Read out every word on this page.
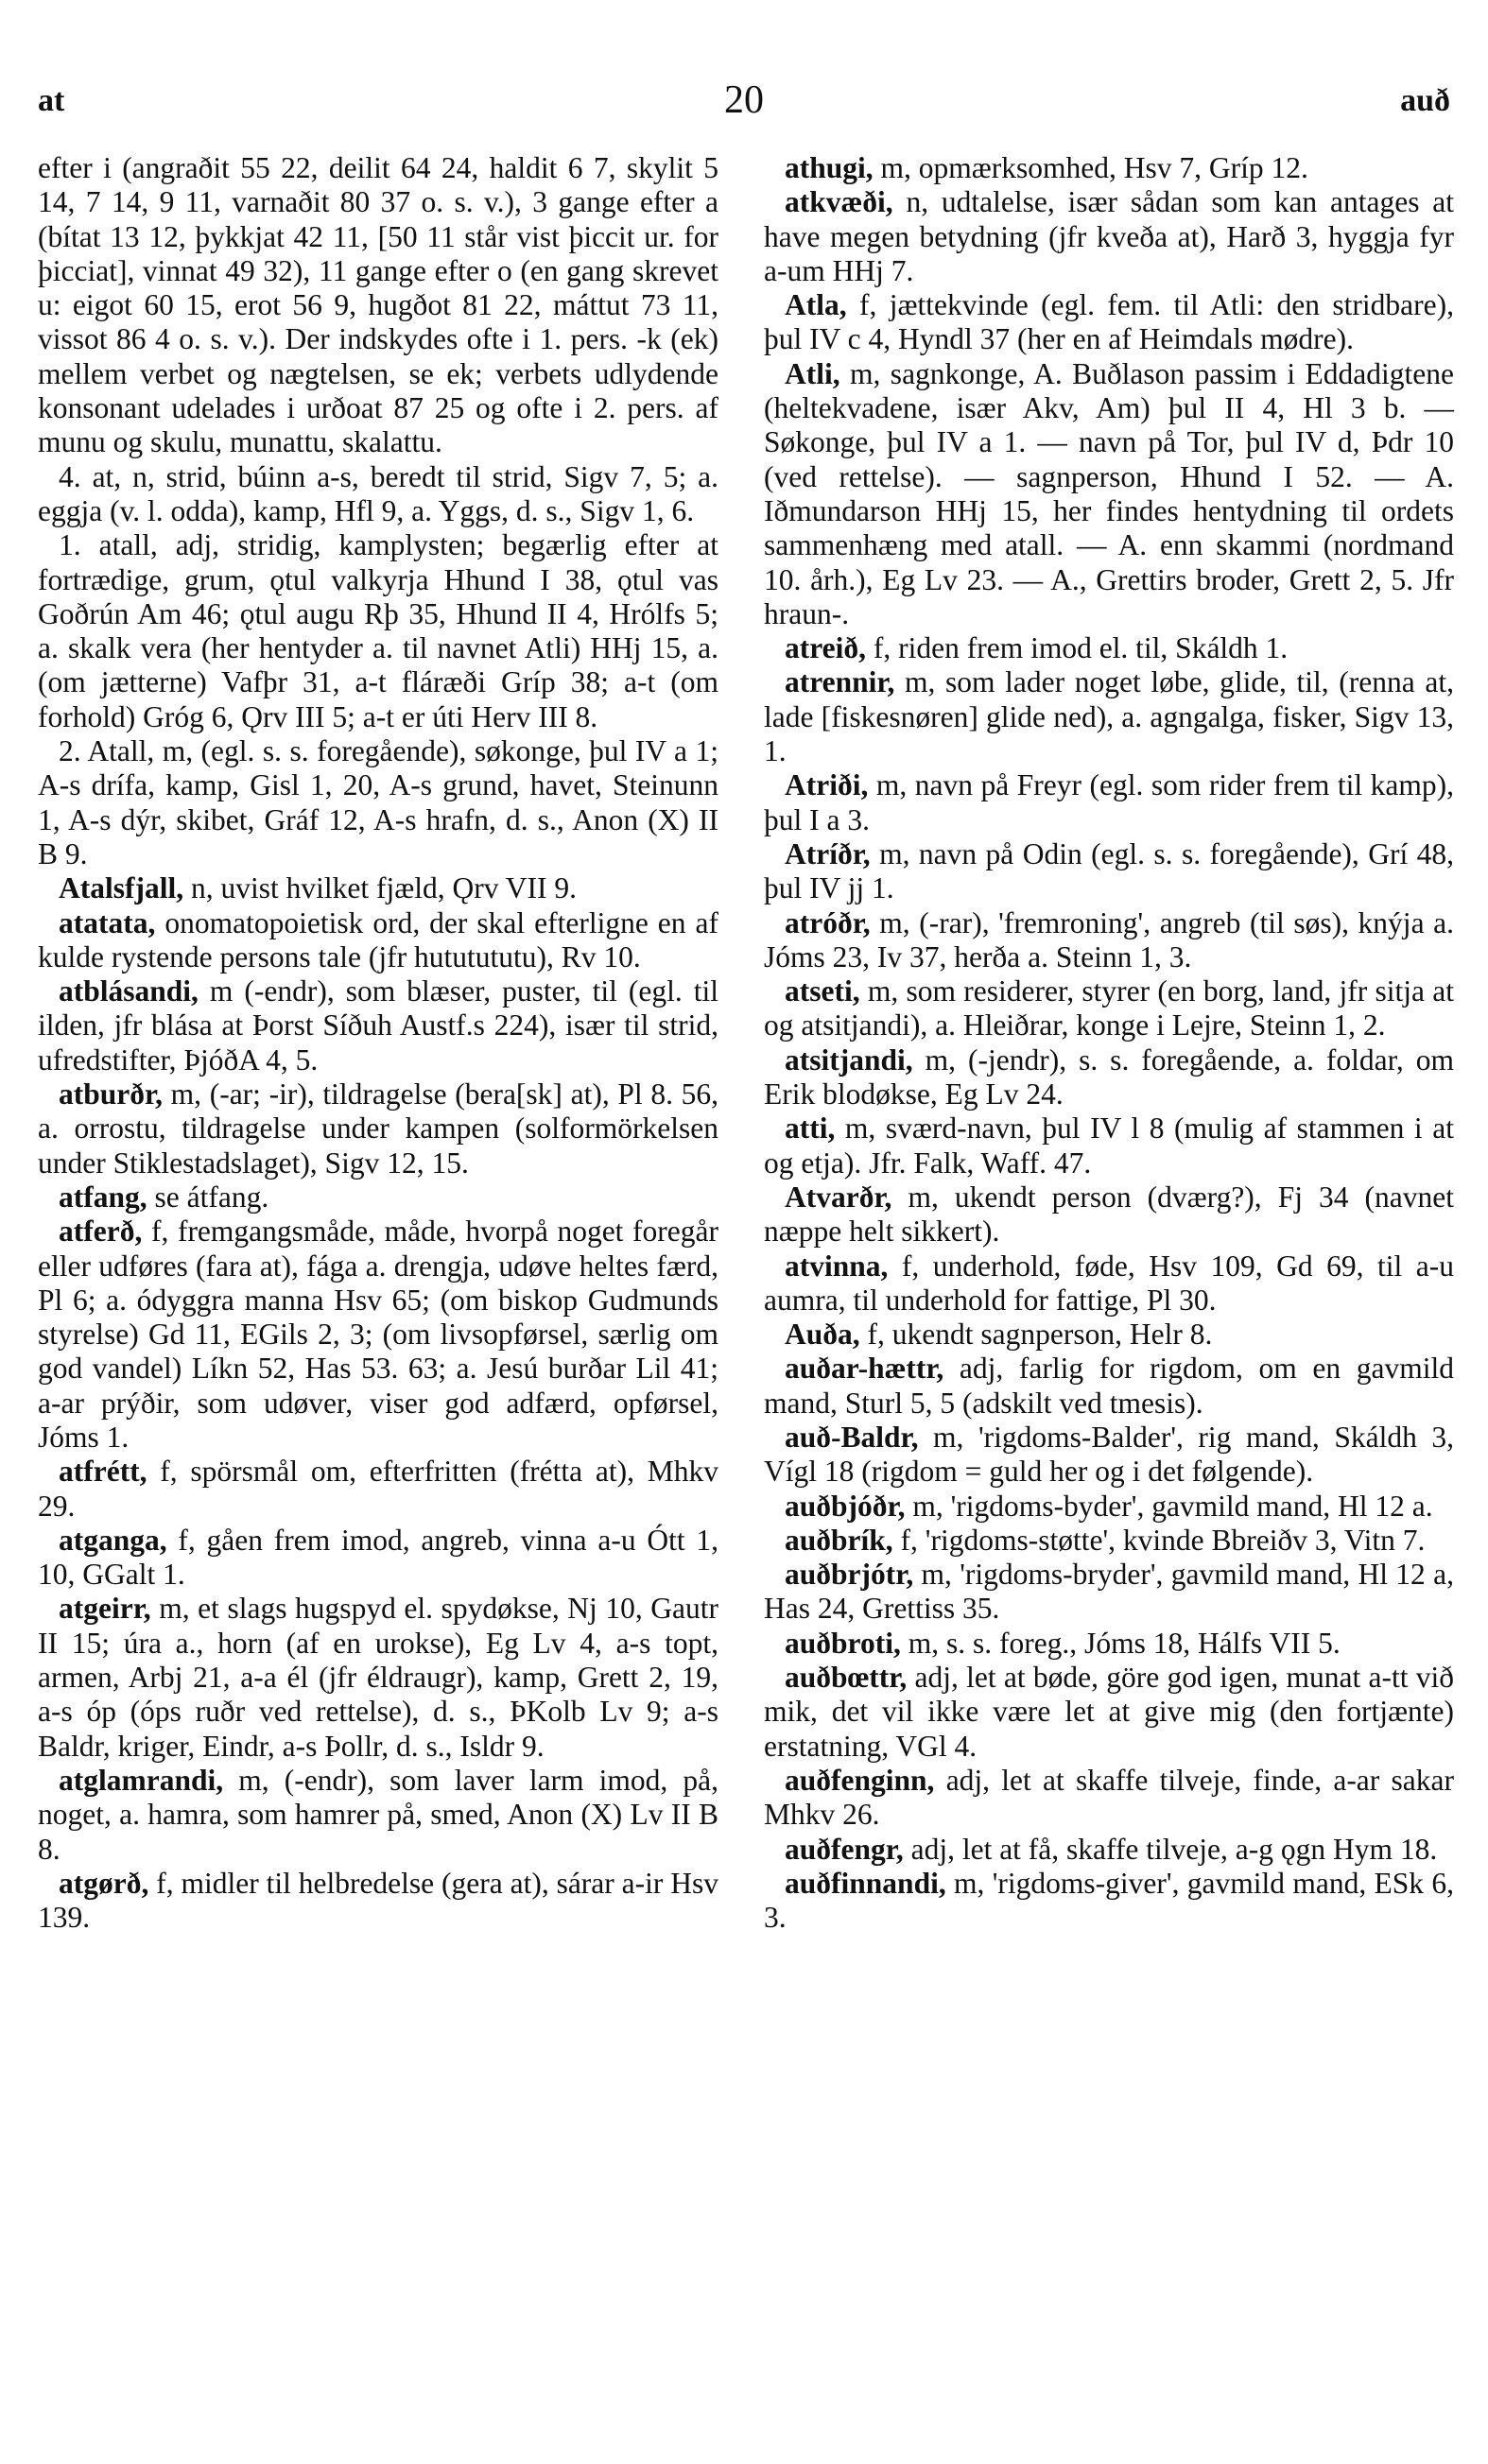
at	20	auð

efter i (angraðit 55 22, deilit 64 24, haldit 6 7, skylit 5 14, 7 14, 9 11, varnaðit 80 37 o. s. v.), 3 gange efter a (bítat 13 12, þykkjat 42 11, [50 11 står vist þiccit ur. for þicciat], vinnat 49 32), 11 gange efter o (en gang skrevet u: eigot 60 15, erot 56 9, hugðot 81 22, máttut 73 11, vissot 86 4 o. s. v.). Der indskydes ofte i 1. pers. -k (ek) mellem verbet og nægtelsen, se ek; verbets udlydende konsonant udelades i urðoat 87 25 og ofte i 2. pers. af munu og skulu, munattu, skalattu.

4. at, n, strid, búinn a-s, beredt til strid, Sigv 7, 5; a. eggja (v. l. odda), kamp, Hfl 9, a. Yggs, d. s., Sigv 1, 6.

1. atall, adj, stridig, kamplysten; begærlig efter at fortrædige, grum, ǫtul valkyrja Hhund I 38, ǫtul vas Goðrún Am 46; ǫtul augu Rþ 35, Hhund II 4, Hrólfs 5; a. skalk vera (her hentyder a. til navnet Atli) HHj 15, a. (om jætterne) Vafþr 31, a-t fláræði Gríp 38; a-t (om forhold) Gróg 6, Ǫrv III 5; a-t er úti Herv III 8.

2. Atall, m, (egl. s. s. foregående), søkonge, þul IV a 1; A-s drífa, kamp, Gisl 1, 20, A-s grund, havet, Steinunn 1, A-s dýr, skibet, Gráf 12, A-s hrafn, d. s., Anon (X) II B 9.

Atalsfjall, n, uvist hvilket fjæld, Ǫrv VII 9.

atatata, onomatopoietisk ord, der skal efterligne en af kulde rystende persons tale (jfr hututututu), Rv 10.

atblásandi, m (-endr), som blæser, puster, til (egl. til ilden, jfr blása at Þorst Síðuh Austf.s 224), især til strid, ufredstifter, ÞjóðA 4, 5.

atburðr, m, (-ar; -ir), tildragelse (bera[sk] at), Pl 8. 56, a. orrostu, tildragelse under kampen (solformörkelsen under Stiklestadslaget), Sigv 12, 15.

atfang, se átfang.

atferð, f, fremgangsmåde, måde, hvorpå noget foregår eller udføres (fara at), fága a. drengja, udøve heltes færd, Pl 6; a. ódyggra manna Hsv 65; (om biskop Gudmunds styrelse) Gd 11, EGils 2, 3; (om livsopførsel, særlig om god vandel) Líkn 52, Has 53. 63; a. Jesú burðar Lil 41; a-ar prýðir, som udøver, viser god adfærd, opførsel, Jóms 1.

atfrétt, f, spörsmål om, efterfritten (frétta at), Mhkv 29.

atganga, f, gåen frem imod, angreb, vinna a-u Ótt 1, 10, GGalt 1.

atgeirr, m, et slags hugspyd el. spydøkse, Nj 10, Gautr II 15; úra a., horn (af en urokse), Eg Lv 4, a-s topt, armen, Arbj 21, a-a él (jfr éldraugr), kamp, Grett 2, 19, a-s óp (óps ruðr ved rettelse), d. s., ÞKolb Lv 9; a-s Baldr, kriger, Eindr, a-s Þollr, d. s., Isldr 9.

atglamrandi, m, (-endr), som laver larm imod, på, noget, a. hamra, som hamrer på, smed, Anon (X) Lv II B 8.

atgørð, f, midler til helbredelse (gera at), sárar a-ir Hsv 139.

athugi, m, opmærksomhed, Hsv 7, Gríp 12.

atkvæði, n, udtalelse, især sådan som kan antages at have megen betydning (jfr kveða at), Harð 3, hyggja fyr a-um HHj 7.

Atla, f, jættekvinde (egl. fem. til Atli: den stridbare), þul IV c 4, Hyndl 37 (her en af Heimdals mødre).

Atli, m, sagnkonge, A. Buðlason passim i Eddadigtene (heltekvadene, især Akv, Am) þul II 4, Hl 3 b. — Søkonge, þul IV a 1. — navn på Tor, þul IV d, Þdr 10 (ved rettelse). — sagnperson, Hhund I 52. — A. Iðmundarson HHj 15, her findes hentydning til ordets sammenhæng med atall. — A. enn skammi (nordmand 10. årh.), Eg Lv 23. — A., Grettirs broder, Grett 2, 5. Jfr hraun-.

atreið, f, riden frem imod el. til, Skáldh 1.

atrennir, m, som lader noget løbe, glide, til, (renna at, lade [fiskesnøren] glide ned), a. agngalga, fisker, Sigv 13, 1.

Atriði, m, navn på Freyr (egl. som rider frem til kamp), þul I a 3.

Atríðr, m, navn på Odin (egl. s. s. foregående), Grí 48, þul IV jj 1.

atróðr, m, (-rar), 'fremroning', angreb (til søs), knýja a. Jóms 23, Iv 37, herða a. Steinn 1, 3.

atseti, m, som residerer, styrer (en borg, land, jfr sitja at og atsitjandi), a. Hleiðrar, konge i Lejre, Steinn 1, 2.

atsitjandi, m, (-jendr), s. s. foregående, a. foldar, om Erik blodøkse, Eg Lv 24.

atti, m, sværd-navn, þul IV l 8 (mulig af stammen i at og etja). Jfr. Falk, Waff. 47.

Atvarðr, m, ukendt person (dværg?), Fj 34 (navnet næppe helt sikkert).

atvinna, f, underhold, føde, Hsv 109, Gd 69, til a-u aumra, til underhold for fattige, Pl 30.

Auða, f, ukendt sagnperson, Helr 8.

auðar-hættr, adj, farlig for rigdom, om en gavmild mand, Sturl 5, 5 (adskilt ved tmesis).

auð-Baldr, m, 'rigdoms-Balder', rig mand, Skáldh 3, Vígl 18 (rigdom = guld her og i det følgende).

auðbjóðr, m, 'rigdoms-byder', gavmild mand, Hl 12 a.

auðbrík, f, 'rigdoms-støtte', kvinde Bbreiðv 3, Vitn 7.

auðbrjótr, m, 'rigdoms-bryder', gavmild mand, Hl 12 a, Has 24, Grettiss 35.

auðbroti, m, s. s. foreg., Jóms 18, Hálfs VII 5.

auðbœttr, adj, let at bøde, göre god igen, munat a-tt við mik, det vil ikke være let at give mig (den fortjænte) erstatning, VGl 4.

auðfenginn, adj, let at skaffe tilveje, finde, a-ar sakar Mhkv 26.

auðfengr, adj, let at få, skaffe tilveje, a-g ǫgn Hym 18.

auðfinnandi, m, 'rigdoms-giver', gavmild mand, ESk 6, 3.
